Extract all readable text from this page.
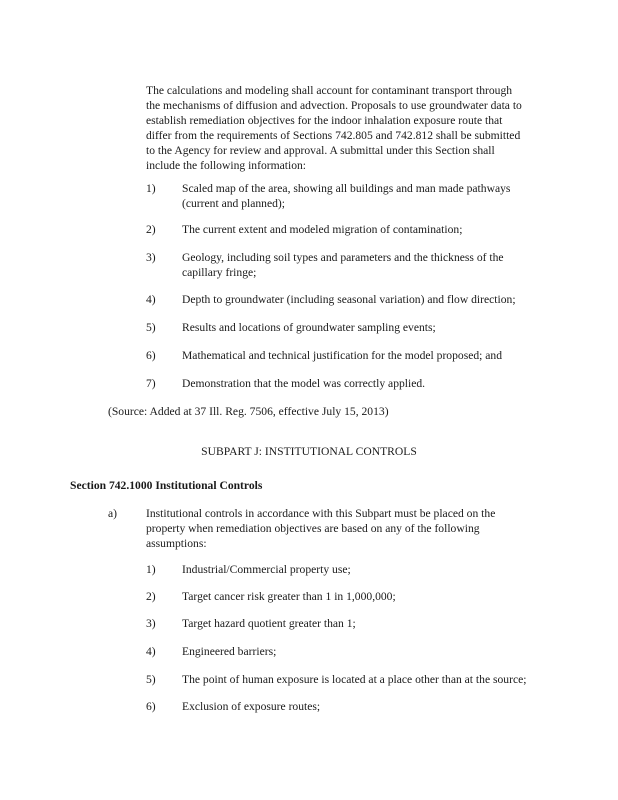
The calculations and modeling shall account for contaminant transport through

the mechanisms of diffusion and advection. Proposals to use groundwater data to

establish remediation objectives for the indoor inhalation exposure route that

differ from the requirements of Sections 742.805 and 742.812 shall be submitted

to the Agency for review and approval. A submittal under this Section shall

include the following information:

1) Scaled map of the area, showing all buildings and man made pathways

(current and planned);

2) The current extent and modeled migration of contamination;

3) Geology, including soil types and parameters and the thickness of the

capillary fringe;

4) Depth to groundwater (including seasonal variation) and flow direction;

5) Results and locations of groundwater sampling events;

6) Mathematical and technical justification for the model proposed; and

7) Demonstration that the model was correctly applied.

(Source: Added at 37 Ill. Reg. 7506, effective July 15, 2013)
SUBPART J: INSTITUTIONAL CONTROLS
Section 742.1000 Institutional Controls
a) Institutional controls in accordance with this Subpart must be placed on the

property when remediation objectives are based on any of the following

assumptions:

1) Industrial/Commercial property use;
2) Target cancer risk greater than 1 in 1,000,000;
3) Target hazard quotient greater than 1;
4) Engineered barriers;
5) The point of human exposure is located at a place other than at the source;
6) Exclusion of exposure routes;
